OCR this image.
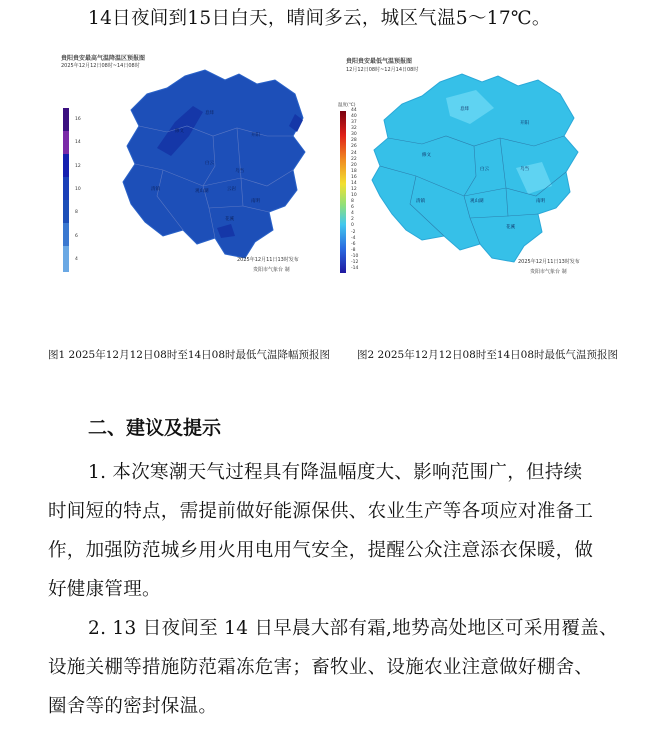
14日夜间到15日白天，晴间多云，城区气温5～17℃。
贵阳贵安最高气温降温区预报图
2025年12月12日08时~14日08时
16
14
12
10
8
6
4
修文
开阳
息烽
白云
乌当
观山湖
清镇
花溪
南明
云岩
2025年12月11日13时发布
贵阳市气象台 制
贵阳贵安最低气温预报图
12月12日08时~12月14日08时
温度(℃)
44
40
37
32
30
28
26
24
22
20
18
16
14
12
10
8
6
4
2
0
-2
-4
-6
-8
-10
-12
-14
息烽
开阳
修文
白云	乌当
观山湖
清镇
花溪
南明
2025年12月11日13时发布
贵阳市气象台 制
图1 2025年12月12日08时至14日08时最低气温降幅预报图	图2 2025年12月12日08时至14日08时最低气温预报图
二、建议及提示
1. 本次寒潮天气过程具有降温幅度大、影响范围广，但持续
时间短的特点，需提前做好能源保供、农业生产等各项应对准备工
作，加强防范城乡用火用电用气安全，提醒公众注意添衣保暖，做
好健康管理。
2. 13 日夜间至 14 日早晨大部有霜,地势高处地区可采用覆盖、
设施关棚等措施防范霜冻危害；畜牧业、设施农业注意做好棚舍、
圈舍等的密封保温。
